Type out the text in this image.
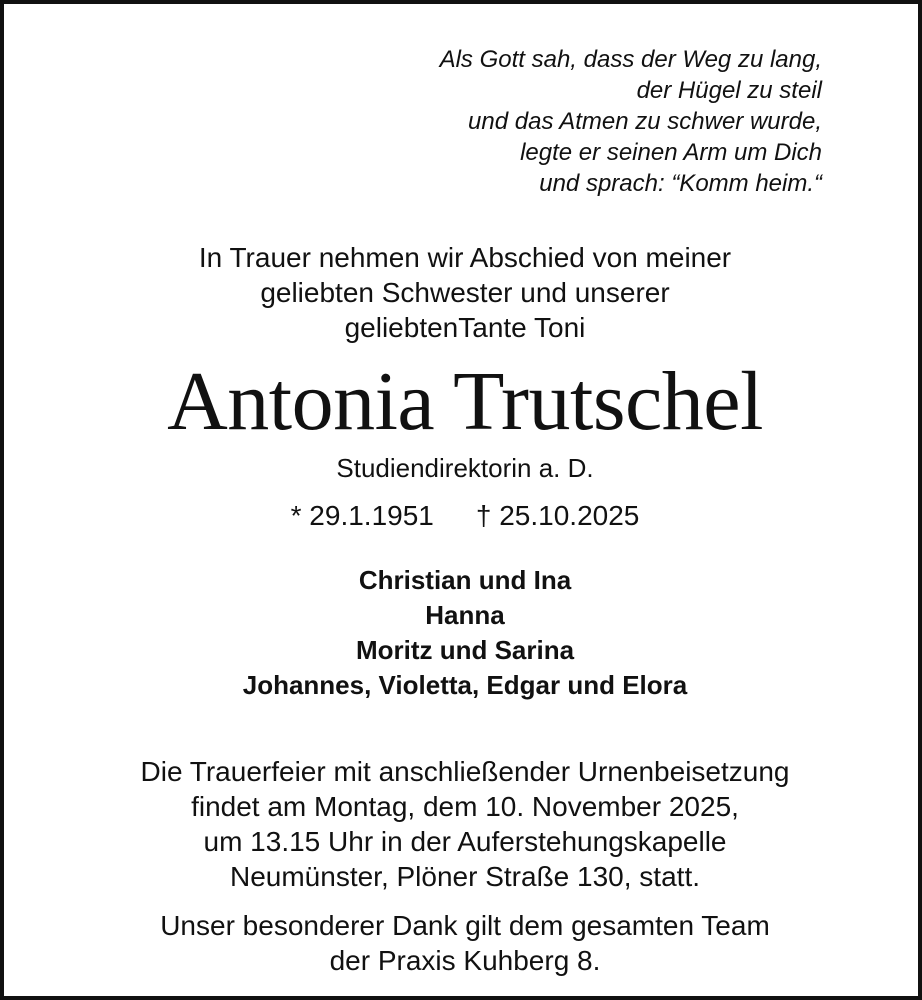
Als Gott sah, dass der Weg zu lang,
der Hügel zu steil
und das Atmen zu schwer wurde,
legte er seinen Arm um Dich
und sprach: “Komm heim.“
In Trauer nehmen wir Abschied von meiner
geliebten Schwester und unserer
geliebtenTante Toni
Antonia Trutschel
Studiendirektorin a. D.
* 29.1.1951 † 25.10.2025
Christian und Ina
Hanna
Moritz und Sarina
Johannes, Violetta, Edgar und Elora
Die Trauerfeier mit anschließender Urnenbeisetzung
findet am Montag, dem 10. November 2025,
um 13.15 Uhr in der Auferstehungskapelle
Neumünster, Plöner Straße 130, statt.
Unser besonderer Dank gilt dem gesamten Team
der Praxis Kuhberg 8.
